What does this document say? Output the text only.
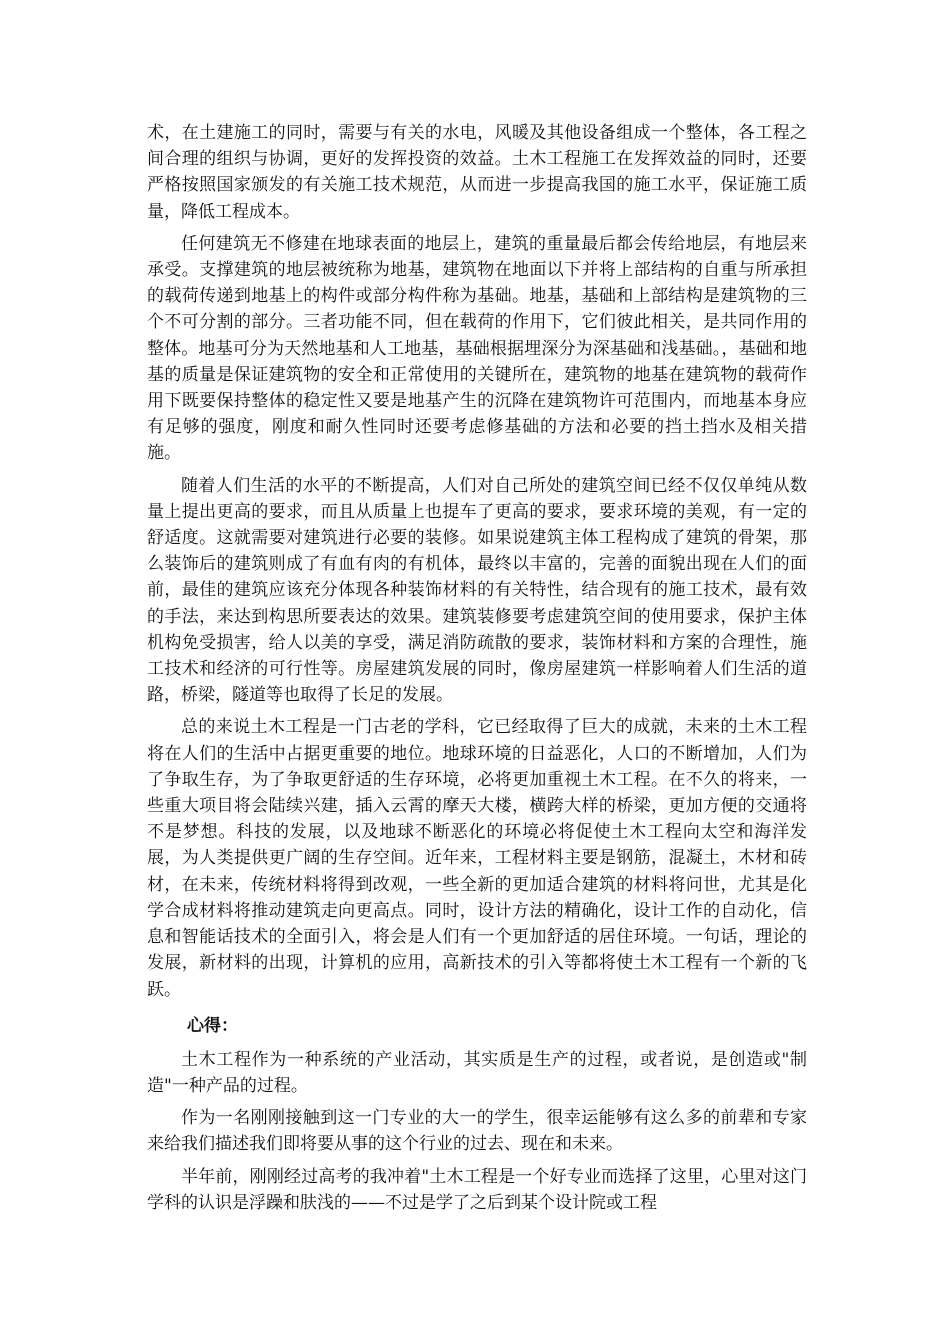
术，在土建施工的同时，需要与有关的水电，风暖及其他设备组成一个整体，各工程之间合理的组织与协调，更好的发挥投资的效益。土木工程施工在发挥效益的同时，还要严格按照国家颁发的有关施工技术规范，从而进一步提高我国的施工水平，保证施工质量，降低工程成本。

任何建筑无不修建在地球表面的地层上，建筑的重量最后都会传给地层，有地层来承受。支撑建筑的地层被统称为地基，建筑物在地面以下并将上部结构的自重与所承担的载荷传递到地基上的构件或部分构件称为基础。地基，基础和上部结构是建筑物的三个不可分割的部分。三者功能不同，但在载荷的作用下，它们彼此相关，是共同作用的整体。地基可分为天然地基和人工地基，基础根据埋深分为深基础和浅基础。，基础和地基的质量是保证建筑物的安全和正常使用的关键所在，建筑物的地基在建筑物的载荷作用下既要保持整体的稳定性又要是地基产生的沉降在建筑物许可范围内，而地基本身应有足够的强度，刚度和耐久性同时还要考虑修基础的方法和必要的挡土挡水及相关措施。

随着人们生活的水平的不断提高，人们对自己所处的建筑空间已经不仅仅单纯从数量上提出更高的要求，而且从质量上也提车了更高的要求，要求环境的美观，有一定的舒适度。这就需要对建筑进行必要的装修。如果说建筑主体工程构成了建筑的骨架，那么装饰后的建筑则成了有血有肉的有机体，最终以丰富的，完善的面貌出现在人们的面前，最佳的建筑应该充分体现各种装饰材料的有关特性，结合现有的施工技术，最有效的手法，来达到构思所要表达的效果。建筑装修要考虑建筑空间的使用要求，保护主体机构免受损害，给人以美的享受，满足消防疏散的要求，装饰材料和方案的合理性，施工技术和经济的可行性等。房屋建筑发展的同时，像房屋建筑一样影响着人们生活的道路，桥梁，隧道等也取得了长足的发展。

总的来说土木工程是一门古老的学科，它已经取得了巨大的成就，未来的土木工程将在人们的生活中占据更重要的地位。地球环境的日益恶化，人口的不断增加，人们为了争取生存，为了争取更舒适的生存环境，必将更加重视土木工程。在不久的将来，一些重大项目将会陆续兴建，插入云霄的摩天大楼，横跨大样的桥梁，更加方便的交通将不是梦想。科技的发展，以及地球不断恶化的环境必将促使土木工程向太空和海洋发展，为人类提供更广阔的生存空间。近年来，工程材料主要是钢筋，混凝土，木材和砖材，在未来，传统材料将得到改观，一些全新的更加适合建筑的材料将问世，尤其是化学合成材料将推动建筑走向更高点。同时，设计方法的精确化，设计工作的自动化，信息和智能话技术的全面引入，将会是人们有一个更加舒适的居住环境。一句话，理论的发展，新材料的出现，计算机的应用，高新技术的引入等都将使土木工程有一个新的飞跃。

心得：

土木工程作为一种系统的产业活动，其实质是生产的过程，或者说，是创造或"制造"一种产品的过程。

作为一名刚刚接触到这一门专业的大一的学生，很幸运能够有这么多的前辈和专家来给我们描述我们即将要从事的这个行业的过去、现在和未来。

半年前，刚刚经过高考的我冲着"土木工程是一个好专业而选择了这里，心里对这门学科的认识是浮躁和肤浅的——不过是学了之后到某个设计院或工程
